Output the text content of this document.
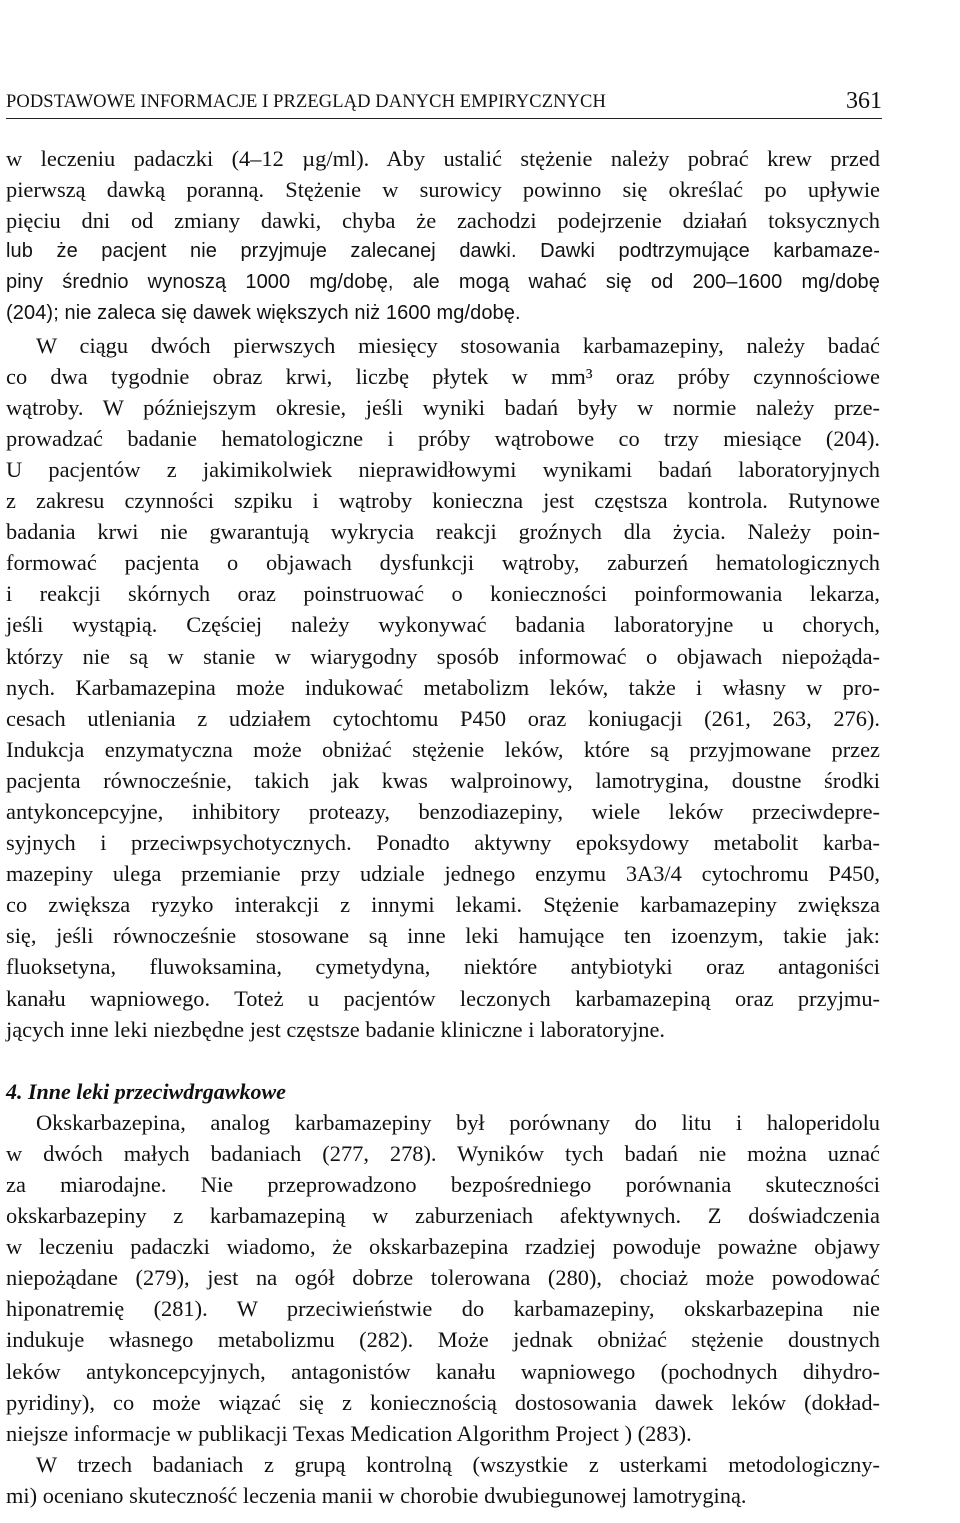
PODSTAWOWE INFORMACJE I PRZEGLĄD DANYCH EMPIRYCZNYCH	361
w leczeniu padaczki (4–12 µg/ml). Aby ustalić stężenie należy pobrać krew przed
pierwszą dawką poranną. Stężenie w surowicy powinno się określać po upływie
pięciu dni od zmiany dawki, chyba że zachodzi podejrzenie działań toksycznych
lub że pacjent nie przyjmuje zalecanej dawki. Dawki podtrzymujące karbamaze-
piny średnio wynoszą 1000 mg/dobę, ale mogą wahać się od 200–1600 mg/dobę
(204); nie zaleca się dawek większych niż 1600 mg/dobę.
W ciągu dwóch pierwszych miesięcy stosowania karbamazepiny, należy badać
co dwa tygodnie obraz krwi, liczbę płytek w mm³ oraz próby czynnościowe
wątroby. W późniejszym okresie, jeśli wyniki badań były w normie należy prze-
prowadzać badanie hematologiczne i próby wątrobowe co trzy miesiące (204).
U pacjentów z jakimikolwiek nieprawidłowymi wynikami badań laboratoryjnych
z zakresu czynności szpiku i wątroby konieczna jest częstsza kontrola. Rutynowe
badania krwi nie gwarantują wykrycia reakcji groźnych dla życia. Należy poin-
formować pacjenta o objawach dysfunkcji wątroby, zaburzeń hematologicznych
i reakcji skórnych oraz poinstruować o konieczności poinformowania lekarza,
jeśli wystąpią. Częściej należy wykonywać badania laboratoryjne u chorych,
którzy nie są w stanie w wiarygodny sposób informować o objawach niepożąda-
nych. Karbamazepina może indukować metabolizm leków, także i własny w pro-
cesach utleniania z udziałem cytochtomu P450 oraz koniugacji (261, 263, 276).
Indukcja enzymatyczna może obniżać stężenie leków, które są przyjmowane przez
pacjenta równocześnie, takich jak kwas walproinowy, lamotrygina, doustne środki
antykoncepcyjne, inhibitory proteazy, benzodiazepiny, wiele leków przeciwdepre-
syjnych i przeciwpsychotycznych. Ponadto aktywny epoksydowy metabolit karba-
mazepiny ulega przemianie przy udziale jednego enzymu 3A3/4 cytochromu P450,
co zwiększa ryzyko interakcji z innymi lekami. Stężenie karbamazepiny zwiększa
się, jeśli równocześnie stosowane są inne leki hamujące ten izoenzym, takie jak:
fluoksetyna, fluwoksamina, cymetydyna, niektóre antybiotyki oraz antagoniści
kanału wapniowego. Toteż u pacjentów leczonych karbamazepiną oraz przyjmu-
jących inne leki niezbędne jest częstsze badanie kliniczne i laboratoryjne.
4. Inne leki przeciwdrgawkowe
Okskarbazepina, analog karbamazepiny był porównany do litu i haloperidolu
w dwóch małych badaniach (277, 278). Wyników tych badań nie można uznać
za miarodajne. Nie przeprowadzono bezpośredniego porównania skuteczności
okskarbazepiny z karbamazepiną w zaburzeniach afektywnych. Z doświadczenia
w leczeniu padaczki wiadomo, że okskarbazepina rzadziej powoduje poważne objawy
niepożądane (279), jest na ogół dobrze tolerowana (280), chociaż może powodować
hiponatremię (281). W przeciwieństwie do karbamazepiny, okskarbazepina nie
indukuje własnego metabolizmu (282). Może jednak obniżać stężenie doustnych
leków antykoncepcyjnych, antagonistów kanału wapniowego (pochodnych dihydro-
pyridiny), co może wiązać się z koniecznością dostosowania dawek leków (dokład-
niejsze informacje w publikacji Texas Medication Algorithm Project ) (283).
W trzech badaniach z grupą kontrolną (wszystkie z usterkami metodologiczny-
mi) oceniano skuteczność leczenia manii w chorobie dwubiegunowej lamotryginą.
